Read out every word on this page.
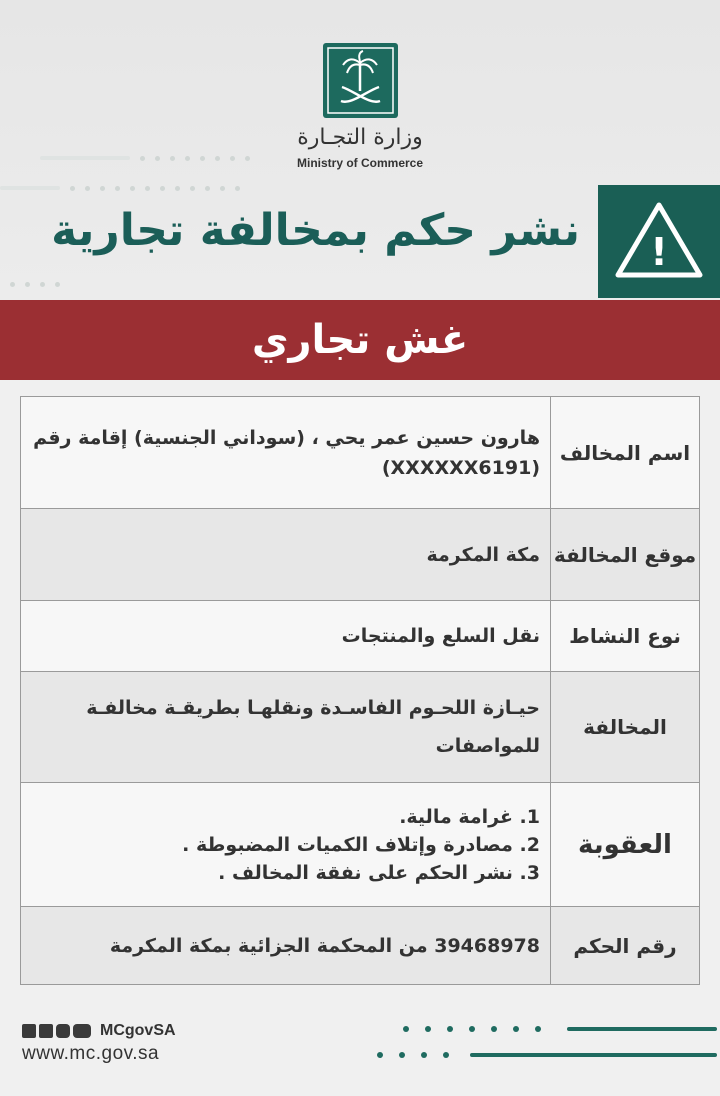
وزارة التجـارة
Ministry of Commerce
نشر حكم بمخالفة تجارية !
غش تجاري
اسم المخالف	هارون حسين عمر يحي ، (سوداني الجنسية) إقامة رقم (XXXXXX6191)
موقع المخالفة	مكة المكرمة
نوع النشاط	نقل السلع والمنتجات
المخالفة	حيـازة اللحـوم الفاسـدة ونقلهـا بطريقـة مخالفـة للمواصفات
العقوبة	1. غرامة مالية.
2. مصادرة وإتلاف الكميات المضبوطة .
3. نشر الحكم على نفقة المخالف .

رقم الحكم	39468978 من المحكمة الجزائية بمكة المكرمة
MCgovSA
www.mc.gov.sa
